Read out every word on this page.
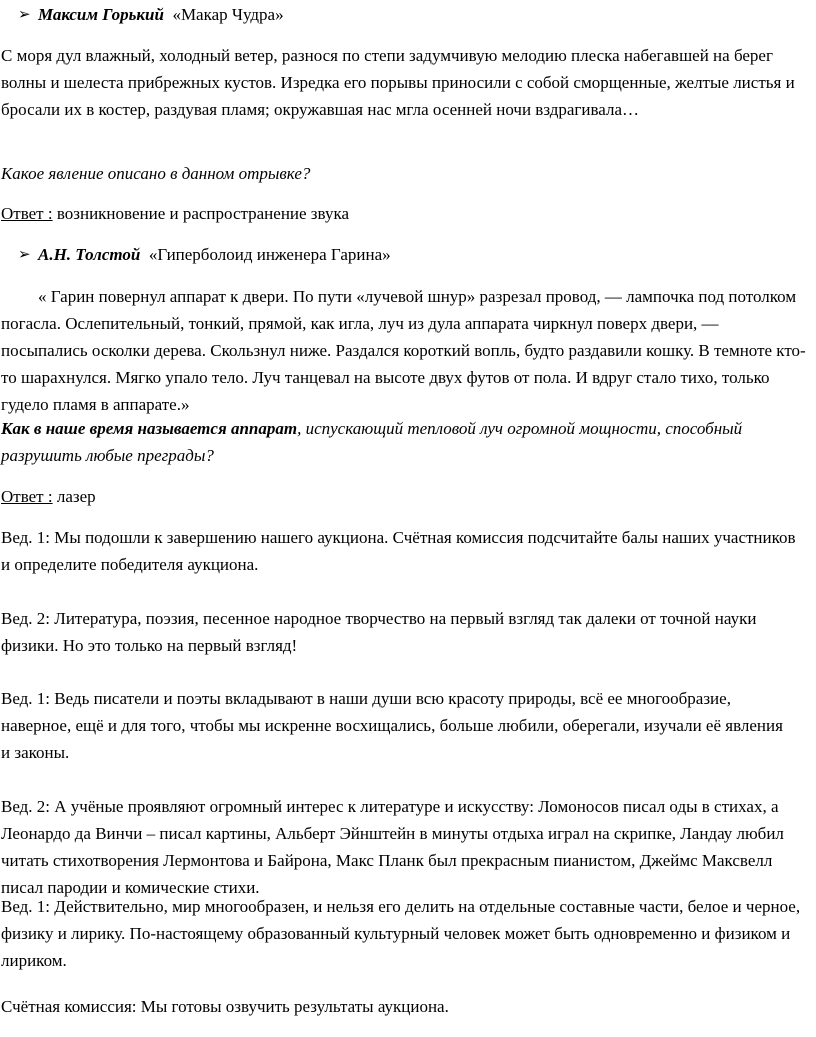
➢ Максим Горький «Макар Чудра»

С моря дул влажный, холодный ветер, разнося по степи задумчивую мелодию плеска набегавшей на берег волны и шелеста прибрежных кустов. Изредка его порывы приносили с собой сморщенные, желтые листья и бросали их в костер, раздувая пламя; окружавшая нас мгла осенней ночи вздрагивала…

Какое явление описано в данном отрывке?

Ответ : возникновение и распространение звука

➢ А.Н. Толстой «Гиперболоид инженера Гарина»

« Гарин повернул аппарат к двери. По пути «лучевой шнур» разрезал провод, — лампочка под потолком погасла. Ослепительный, тонкий, прямой, как игла, луч из дула аппарата чиркнул поверх двери, — посыпались осколки дерева. Скользнул ниже. Раздался короткий вопль, будто раздавили кошку. В темноте кто-то шарахнулся. Мягко упало тело. Луч танцевал на высоте двух футов от пола. И вдруг стало тихо, только гудело пламя в аппарате.»

Как в наше время называется аппарат, испускающий тепловой луч огромной мощности, способный разрушить любые преграды?

Ответ : лазер

Вед. 1: Мы подошли к завершению нашего аукциона. Счётная комиссия подсчитайте балы наших участников и определите победителя аукциона.

Вед. 2: Литература, поэзия, песенное народное творчество на первый взгляд так далеки от точной науки физики. Но это только на первый взгляд!

Вед. 1: Ведь писатели и поэты вкладывают в наши души всю красоту природы, всё ее многообразие, наверное, ещё и для того, чтобы мы искренне восхищались, больше любили, оберегали, изучали её явления и законы.

Вед. 2: А учёные проявляют огромный интерес к литературе и искусству: Ломоносов писал оды в стихах, а Леонардо да Винчи – писал картины, Альберт Эйнштейн в минуты отдыха играл на скрипке, Ландау любил читать стихотворения Лермонтова и Байрона, Макс Планк был прекрасным пианистом, Джеймс Максвелл писал пародии и комические стихи.

Вед. 1: Действительно, мир многообразен, и нельзя его делить на отдельные составные части, белое и черное, физику и лирику. По-настоящему образованный культурный человек может быть одновременно и физиком и лириком.

Счётная комиссия: Мы готовы озвучить результаты аукциона.
